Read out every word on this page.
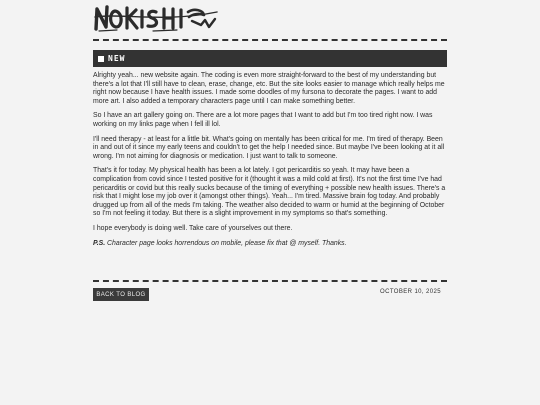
NEW

Alrighty yeah... new website again. The coding is even more straight-forward to the best of my understanding but there's a lot that I'll still have to clean, erase, change, etc. But the site looks easier to manage which really helps me right now because I have health issues. I made some doodles of my fursona to decorate the pages. I want to add more art. I also added a temporary characters page until I can make something better.

So I have an art gallery going on. There are a lot more pages that I want to add but I'm too tired right now. I was working on my links page when I fell ill lol.

I'll need therapy - at least for a little bit. What's going on mentally has been critical for me. I'm tired of therapy. Been in and out of it since my early teens and couldn't to get the help I needed since. But maybe I've been looking at it all wrong. I'm not aiming for diagnosis or medication. I just want to talk to someone.

That's it for today. My physical health has been a lot lately. I got pericarditis so yeah. It may have been a complication from covid since I tested positive for it (thought it was a mild cold at first). It's not the first time I've had pericarditis or covid but this really sucks because of the timing of everything + possible new health issues. There's a risk that I might lose my job over it (amongst other things). Yeah... I'm tired. Massive brain fog today. And probably drugged up from all of the meds I'm taking. The weather also decided to warm or humid at the beginning of October so I'm not feeling it today. But there is a slight improvement in my symptoms so that's something.

I hope everybody is doing well. Take care of yourselves out there.

P.S. Character page looks horrendous on mobile, please fix that @ myself. Thanks.

BACK TO BLOG	OCTOBER 10, 2025
